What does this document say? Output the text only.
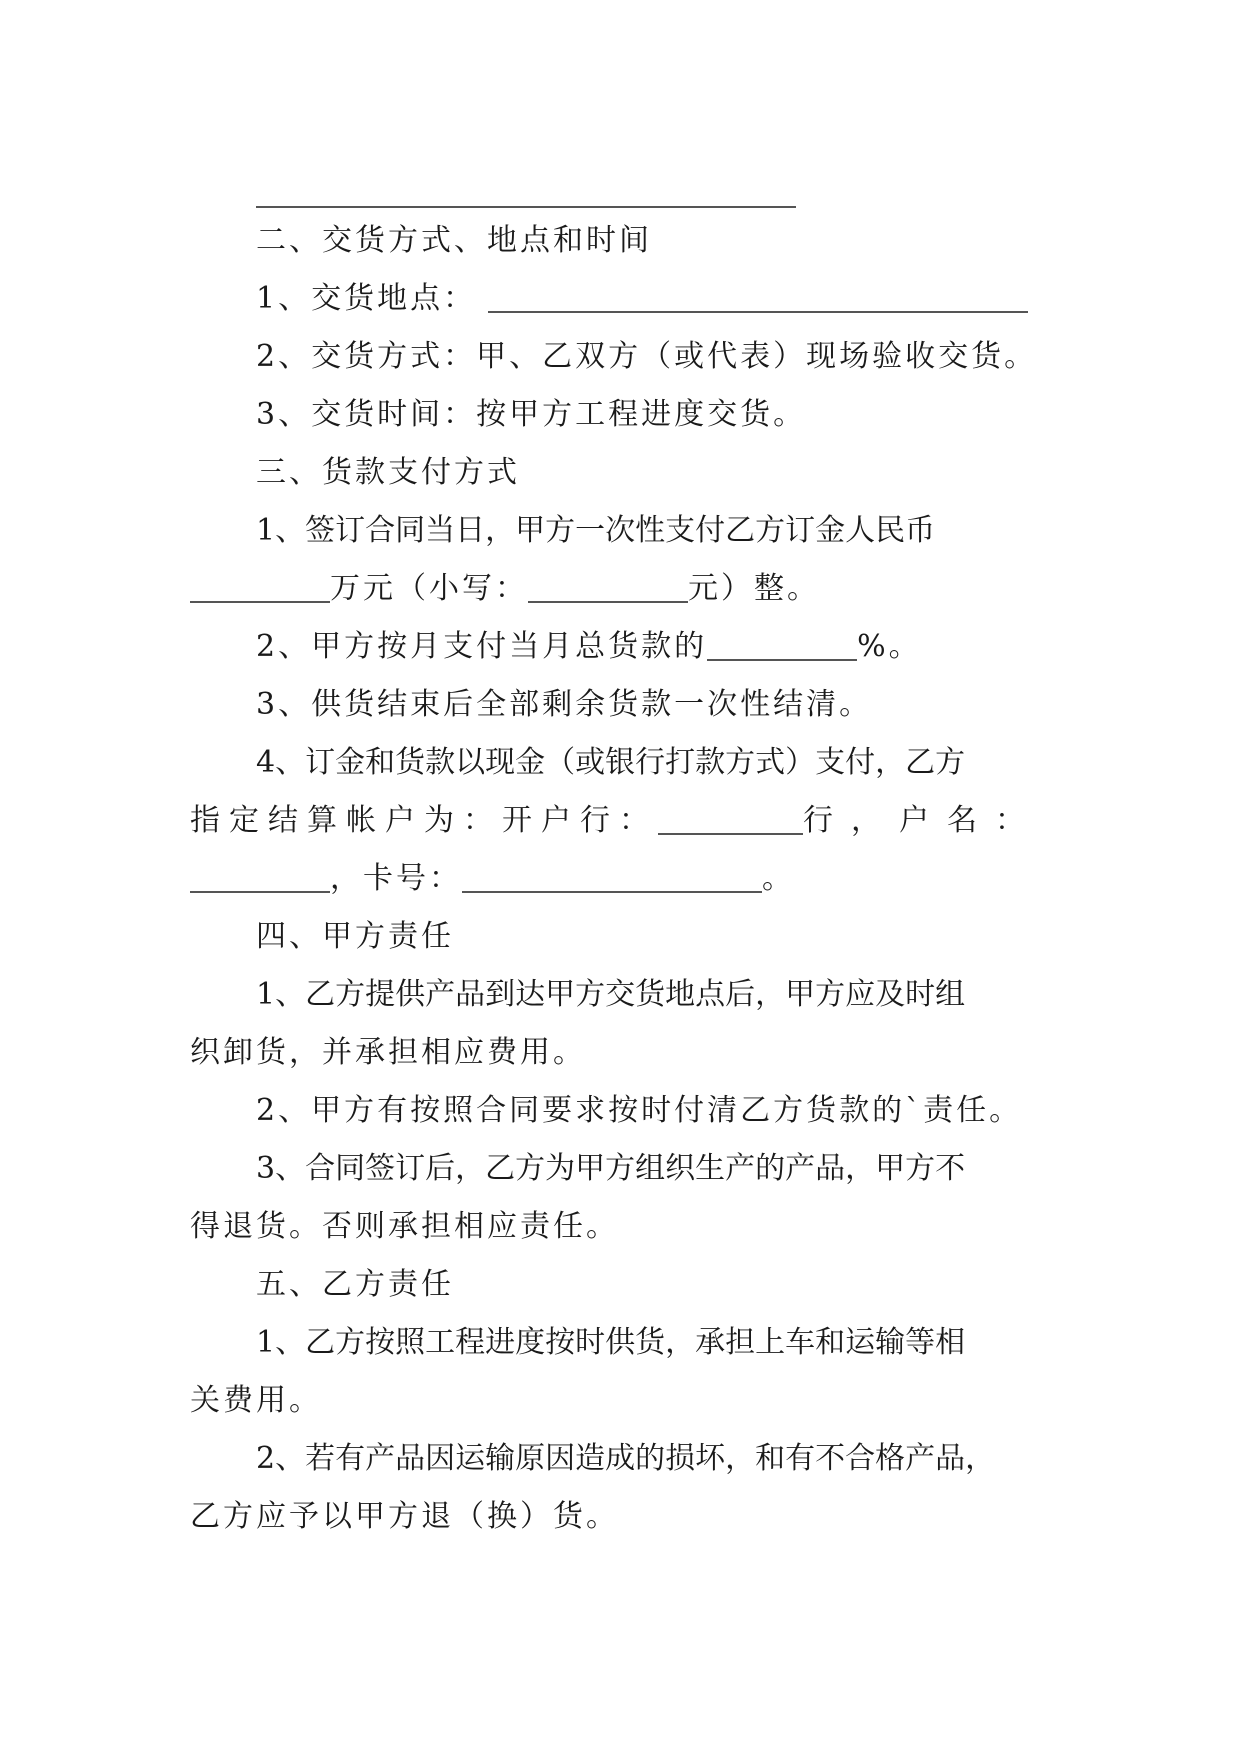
二、交货方式、地点和时间
1、交货地点：
2、交货方式：甲、乙双方（或代表）现场验收交货。
3、交货时间：按甲方工程进度交货。
三、货款支付方式
1、签订合同当日，甲方一次性支付乙方订金人民币
万元（小写：	元）整。
2、甲方按月支付当月总货款的	%。
3、供货结束后全部剩余货款一次性结清。
4、订金和货款以现金（或银行打款方式）支付，乙方
指定结算帐户为：开户行：	行，户名：
，卡号：	。
四、甲方责任
1、乙方提供产品到达甲方交货地点后，甲方应及时组
织卸货，并承担相应费用。
2、甲方有按照合同要求按时付清乙方货款的`责任。
3、合同签订后，乙方为甲方组织生产的产品，甲方不
得退货。否则承担相应责任。
五、乙方责任
1、乙方按照工程进度按时供货，承担上车和运输等相
关费用。
2、若有产品因运输原因造成的损坏，和有不合格产品，
乙方应予以甲方退（换）货。
